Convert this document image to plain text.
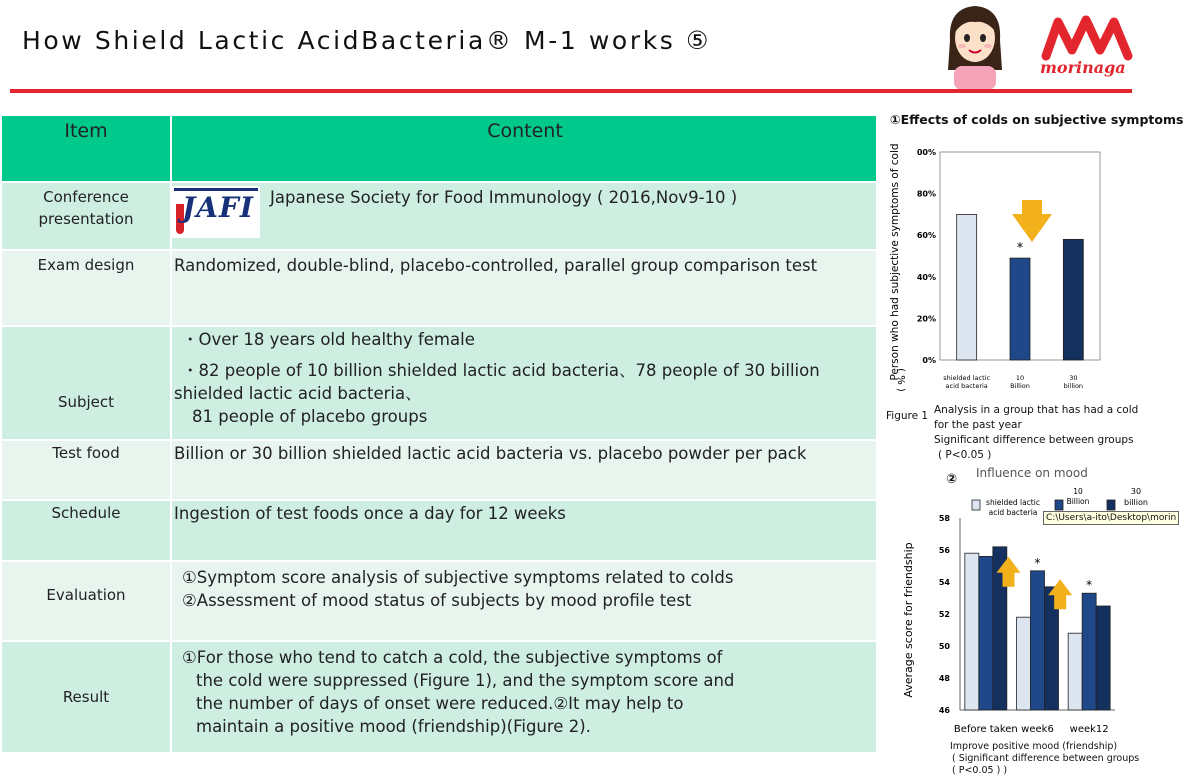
How Shield Lactic AcidBacteria® M-1 works ⑤
morinaga
Item	Content
Conference presentation	JAFI Japanese Society for Food Immunology ( 2016,Nov9-10 )
Exam design	Randomized, double-blind, placebo-controlled, parallel group comparison test
Subject	・Over 18 years old healthy female
・82 people of 10 billion shielded lactic acid bacteria、78 people of 30 billion
shielded lactic acid bacteria、
81 people of placebo groups

Test food	Billion or 30 billion shielded lactic acid bacteria vs. placebo powder per pack
Schedule	Ingestion of test foods once a day for 12 weeks
Evaluation	①Symptom score analysis of subjective symptoms related to colds
②Assessment of mood status of subjects by mood profile test

Result	①For those who tend to catch a cold, the subjective symptoms of
the cold were suppressed (Figure 1), and the symptom score and
the number of days of onset were reduced.②It may help to
maintain a positive mood (friendship)(Figure 2).
①Effects of colds on subjective symptoms
0%
20%
40%
60%
80%
00%
shielded lactic acid bacteria
10 Billion
30 billion
*
Person who had subjective symptoms of cold
( % )
Figure 1 Analysis in a group that has had a cold
for the past year
Significant difference between groups
( P<0.05 )
② Influence on mood
46
48
50
52
54
56
58
Before taken week6 week12
*
*
Average score for friendship
shielded lactic acid bacteria
10 Billion
30 billion
C:\Users\a-ito\Desktop\morin
Improve positive mood (friendship)
( Significant difference between groups
( P<0.05 ) )
